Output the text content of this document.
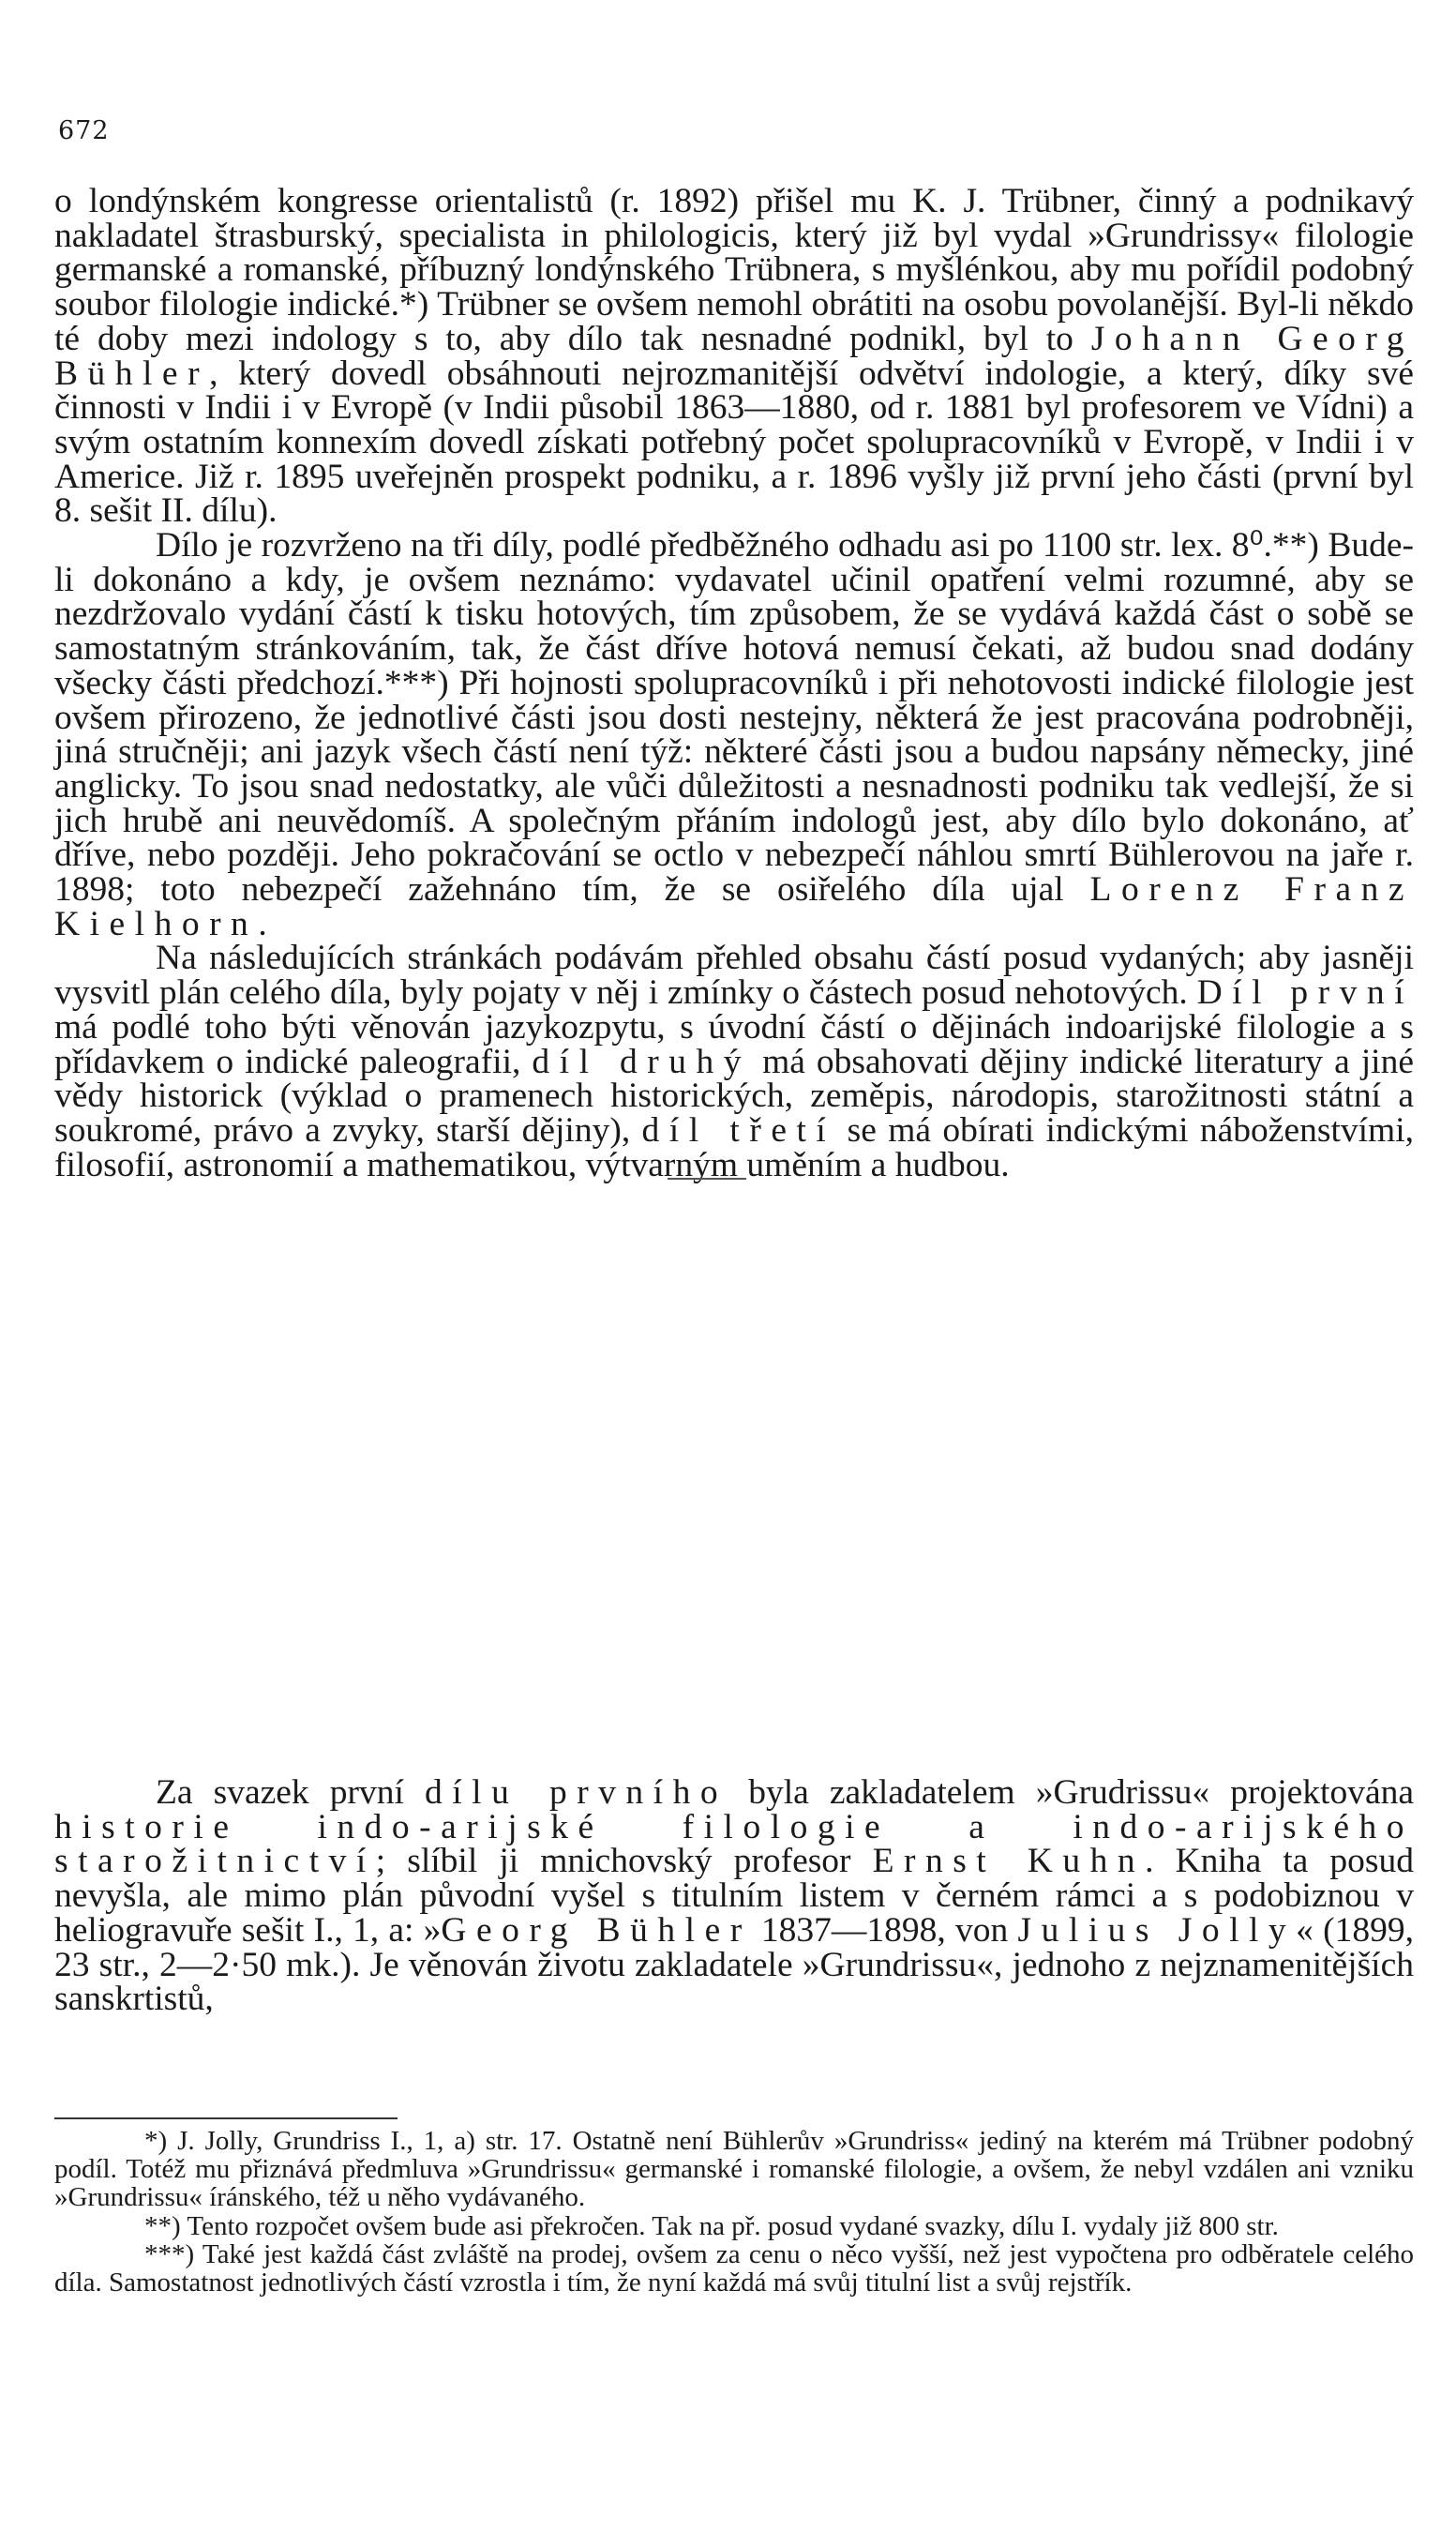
672

o londýnském kongresse orientalistů (r. 1892) přišel mu K. J. Trübner, činný a podnikavý nakladatel štrasburský, specialista in philologicis, který již byl vydal »Grundrissy« filologie germanské a romanské, příbuzný londýnského Trübnera, s myšlénkou, aby mu pořídil podobný soubor filologie indické.*) Trübner se ovšem nemohl obrátiti na osobu povolanější. Byl-li někdo té doby mezi indology s to, aby dílo tak nesnadné podnikl, byl to Johann Georg Bühler, který dovedl obsáhnouti nejrozmanitější odvětví indologie, a který, díky své činnosti v Indii i v Evropě (v Indii působil 1863—1880, od r. 1881 byl profesorem ve Vídni) a svým ostatním konnexím dovedl získati potřebný počet spolupracovníků v Evropě, v Indii i v Americe. Již r. 1895 uveřejněn prospekt podniku, a r. 1896 vyšly již první jeho části (první byl 8. sešit II. dílu).

Dílo je rozvrženo na tři díly, podlé předběžného odhadu asi po 1100 str. lex. 8⁰.**) Bude-li dokonáno a kdy, je ovšem neznámo: vydavatel učinil opatření velmi rozumné, aby se nezdržovalo vydání částí k tisku hotových, tím způsobem, že se vydává každá část o sobě se samostatným stránkováním, tak, že část dříve hotová nemusí čekati, až budou snad dodány všecky části předchozí.***) Při hojnosti spolupracovníků i při nehotovosti indické filologie jest ovšem přirozeno, že jednotlivé části jsou dosti nestejny, některá že jest pracována podrobněji, jiná stručněji; ani jazyk všech částí není týž: některé části jsou a budou napsány německy, jiné anglicky. To jsou snad nedostatky, ale vůči důležitosti a nesnadnosti podniku tak vedlejší, že si jich hrubě ani neuvědomíš. A společným přáním indologů jest, aby dílo bylo dokonáno, ať dříve, nebo později. Jeho pokračování se octlo v nebezpečí náhlou smrtí Bühlerovou na jaře r. 1898; toto nebezpečí zažehnáno tím, že se osiřelého díla ujal Lorenz Franz Kielhorn.

Na následujících stránkách podávám přehled obsahu částí posud vydaných; aby jasněji vysvitl plán celého díla, byly pojaty v něj i zmínky o částech posud nehotových. Díl první má podlé toho býti věnován jazykozpytu, s úvodní částí o dějinách indoarijské filologie a s přídavkem o indické paleografii, díl druhý má obsahovati dějiny indické literatury a jiné vědy historick (výklad o pramenech historických, zeměpis, národopis, starožitnosti státní a soukromé, právo a zvyky, starší dějiny), díl třetí se má obírati indickými náboženstvími, filosofií, astronomií a mathematikou, výtvarným uměním a hudbou.

Za svazek první dílu prvního byla zakladatelem »Grudrissu« projektována historie indo-arijské filologie a indo-arijského starožitnictví; slíbil ji mnichovský profesor Ernst Kuhn. Kniha ta posud nevyšla, ale mimo plán původní vyšel s titulním listem v černém rámci a s podobiznou v heliogravuře sešit I., 1, a: »Georg Bühler 1837—1898, von Julius Jolly« (1899, 23 str., 2—2·50 mk.). Je věnován životu zakladatele »Grundrissu«, jednoho z nejznamenitějších sanskrtistů,

*) J. Jolly, Grundriss I., 1, a) str. 17. Ostatně není Bühlerův »Grundriss« jediný na kterém má Trübner podobný podíl. Totéž mu přiznává předmluva »Grundrissu« germanské i romanské filologie, a ovšem, že nebyl vzdálen ani vzniku »Grundrissu« íránského, též u něho vydávaného.

**) Tento rozpočet ovšem bude asi překročen. Tak na př. posud vydané svazky, dílu I. vydaly již 800 str.

***) Také jest každá část zvláště na prodej, ovšem za cenu o něco vyšší, než jest vypočtena pro odběratele celého díla. Samostatnost jednotlivých částí vzrostla i tím, že nyní každá má svůj titulní list a svůj rejstřík.
